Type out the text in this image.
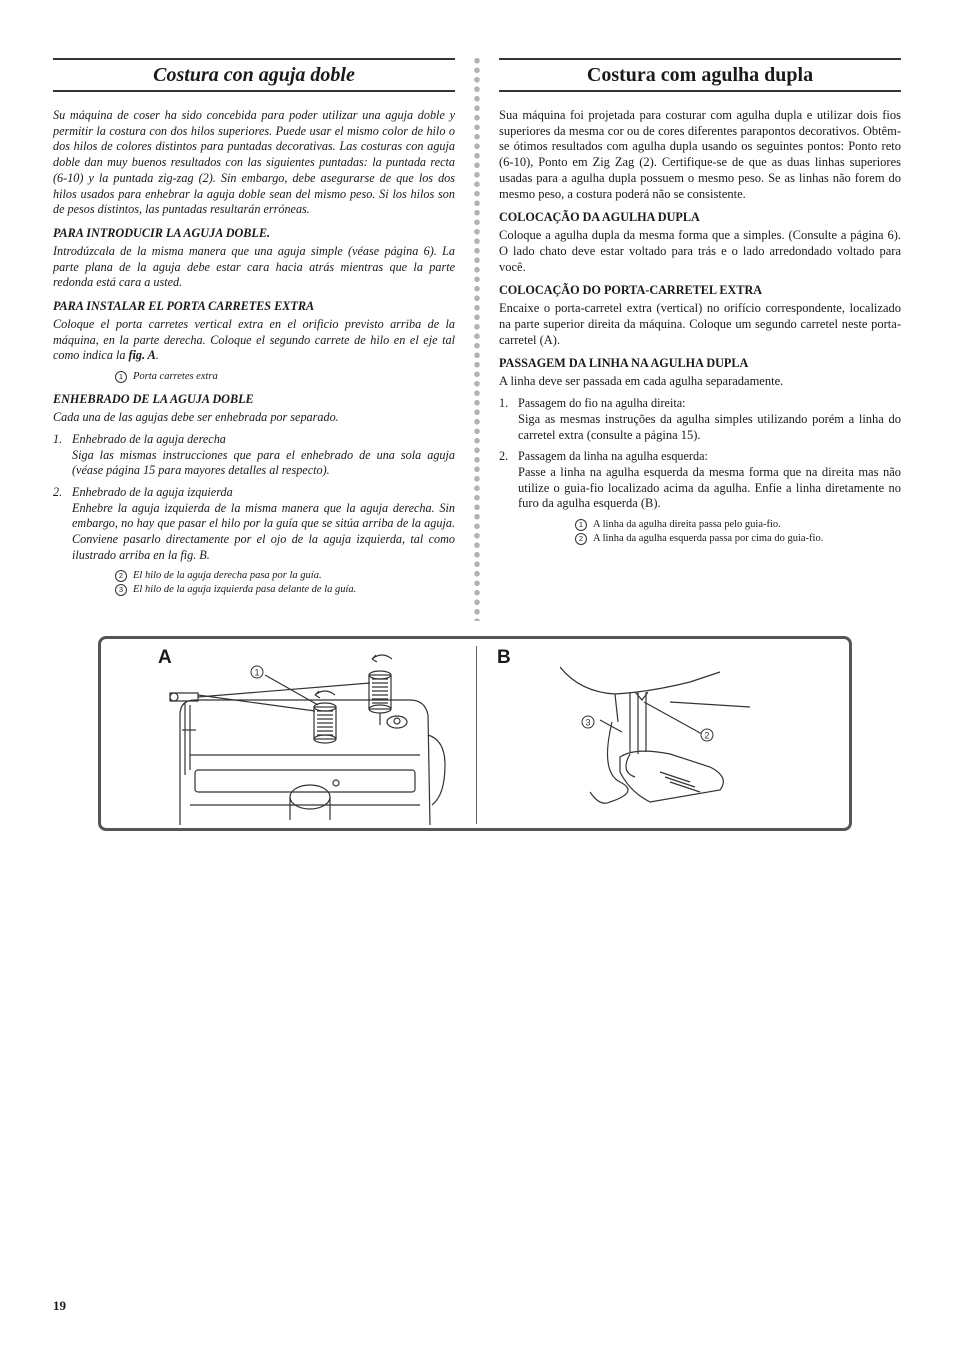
Costura con aguja doble

Su máquina de coser ha sido concebida para poder utilizar una aguja doble y permitir la costura con dos hilos superiores. Puede usar el mismo color de hilo o dos hilos de colores distintos para puntadas decorativas. Las costuras con aguja doble dan muy buenos resultados con las siguientes puntadas: la puntada recta (6-10) y la puntada zig-zag (2). Sin embargo, debe asegurarse de que los dos hilos usados para enhebrar la aguja doble sean del mismo peso. Si los hilos son de pesos distintos, las puntadas resultarán erróneas.

PARA INTRODUCIR LA AGUJA DOBLE.

Introdúzcala de la misma manera que una aguja simple (véase página 6). La parte plana de la aguja debe estar cara hacia atrás mientras que la parte redonda está cara a usted.

PARA INSTALAR EL PORTA CARRETES EXTRA

Coloque el porta carretes vertical extra en el orificio previsto arriba de la máquina, en la parte derecha. Coloque el segundo carrete de hilo en el eje tal como indica la fig. A.

1 Porta carretes extra
ENHEBRADO DE LA AGUJA DOBLE

Cada una de las agujas debe ser enhebrada por separado.

1. Enhebrado de la aguja derecha

Siga las mismas instrucciones que para el enhebrado de una sola aguja (véase página 15 para mayores detalles al respecto).

2. Enhebrado de la aguja izquierda

Enhebre la aguja izquierda de la misma manera que la aguja derecha. Sin embargo, no hay que pasar el hilo por la guía que se sitúa arriba de la aguja. Conviene pasarlo directamente por el ojo de la aguja izquierda, tal como ilustrado arriba en la fig. B.

2 El hilo de la aguja derecha pasa por la guía.
3 El hilo de la aguja izquierda pasa delante de la guía.
Costura com agulha dupla

Sua máquina foi projetada para costurar com agulha dupla e utilizar dois fios superiores da mesma cor ou de cores diferentes parapontos decorativos. Obtêm-se ótimos resultados com agulha dupla usando os seguintes pontos: Ponto reto (6-10), Ponto em Zig Zag (2). Certifique-se de que as duas linhas superiores usadas para a agulha dupla possuem o mesmo peso. Se as linhas não forem do mesmo peso, a costura poderá não se consistente.

COLOCAÇÃO DA AGULHA DUPLA

Coloque a agulha dupla da mesma forma que a simples. (Consulte a página 6). O lado chato deve estar voltado para trás e o lado arredondado voltado para você.

COLOCAÇÃO DO PORTA-CARRETEL EXTRA

Encaixe o porta-carretel extra (vertical) no orifício correspondente, localizado na parte superior direita da máquina. Coloque um segundo carretel neste porta-carretel (A).

PASSAGEM DA LINHA NA AGULHA DUPLA

A linha deve ser passada em cada agulha separadamente.

1. Passagem do fio na agulha direita:

Siga as mesmas instruções da agulha simples utilizando porém a linha do carretel extra (consulte a página 15).

2. Passagem da linha na agulha esquerda:

Passe a linha na agulha esquerda da mesma forma que na direita mas não utilize o guia-fio localizado acima da agulha. Enfie a linha diretamente no furo da agulha esquerda (B).

1 A linha da agulha direita passa pelo guia-fio.
2 A linha da agulha esquerda passa por cima do guia-fio.
A	B
1
3
2
19
